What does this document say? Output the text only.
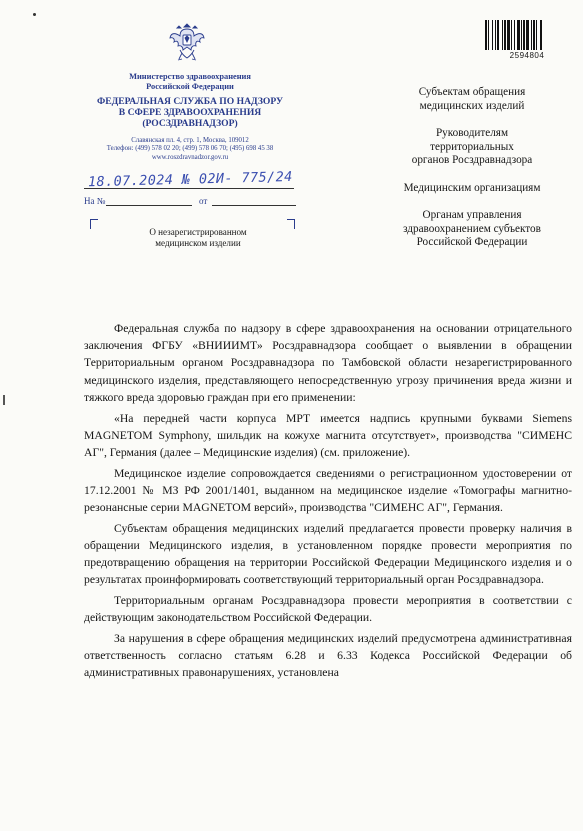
Министерство здравоохранения
Российской Федерации
ФЕДЕРАЛЬНАЯ СЛУЖБА ПО НАДЗОРУ
В СФЕРЕ ЗДРАВООХРАНЕНИЯ
(РОСЗДРАВНАДЗОР)
Славянская пл. 4, стр. 1, Москва, 109012
Телефон: (499) 578 02 20; (499) 578 06 70; (495) 698 45 38
www.roszdravnadzor.gov.ru
18.07.2024 № 02И- 775/24
На №	от
О незарегистрированном
медицинском изделии
2594804
Субъектам обращения
медицинских изделий
Руководителям
территориальных
органов Росздравнадзора
Медицинским организациям
Органам управления
здравоохранением субъектов
Российской Федерации

Федеральная служба по надзору в сфере здравоохранения на основании отрицательного заключения ФГБУ «ВНИИИМТ» Росздравнадзора сообщает о выявлении в обращении Территориальным органом Росздравнадзора по Тамбовской области незарегистрированного медицинского изделия, представляющего непосредственную угрозу причинения вреда жизни и тяжкого вреда здоровью граждан при его применении:

«На передней части корпуса МРТ имеется надпись крупными буквами Siemens MAGNETOM Symphony, шильдик на кожухе магнита отсутствует», производства "СИМЕНС АГ", Германия (далее – Медицинские изделия) (см. приложение).

Медицинское изделие сопровождается сведениями о регистрационном удостоверении от 17.12.2001 № МЗ РФ 2001/1401, выданном на медицинское изделие «Томографы магнитно-резонансные серии MAGNETOM версий», производства "СИМЕНС АГ", Германия.

Субъектам обращения медицинских изделий предлагается провести проверку наличия в обращении Медицинского изделия, в установленном порядке провести мероприятия по предотвращению обращения на территории Российской Федерации Медицинского изделия и о результатах проинформировать соответствующий территориальный орган Росздравнадзора.

Территориальным органам Росздравнадзора провести мероприятия в соответствии с действующим законодательством Российской Федерации.

За нарушения в сфере обращения медицинских изделий предусмотрена административная ответственность согласно статьям 6.28 и 6.33 Кодекса Российской Федерации об административных правонарушениях, установлена
